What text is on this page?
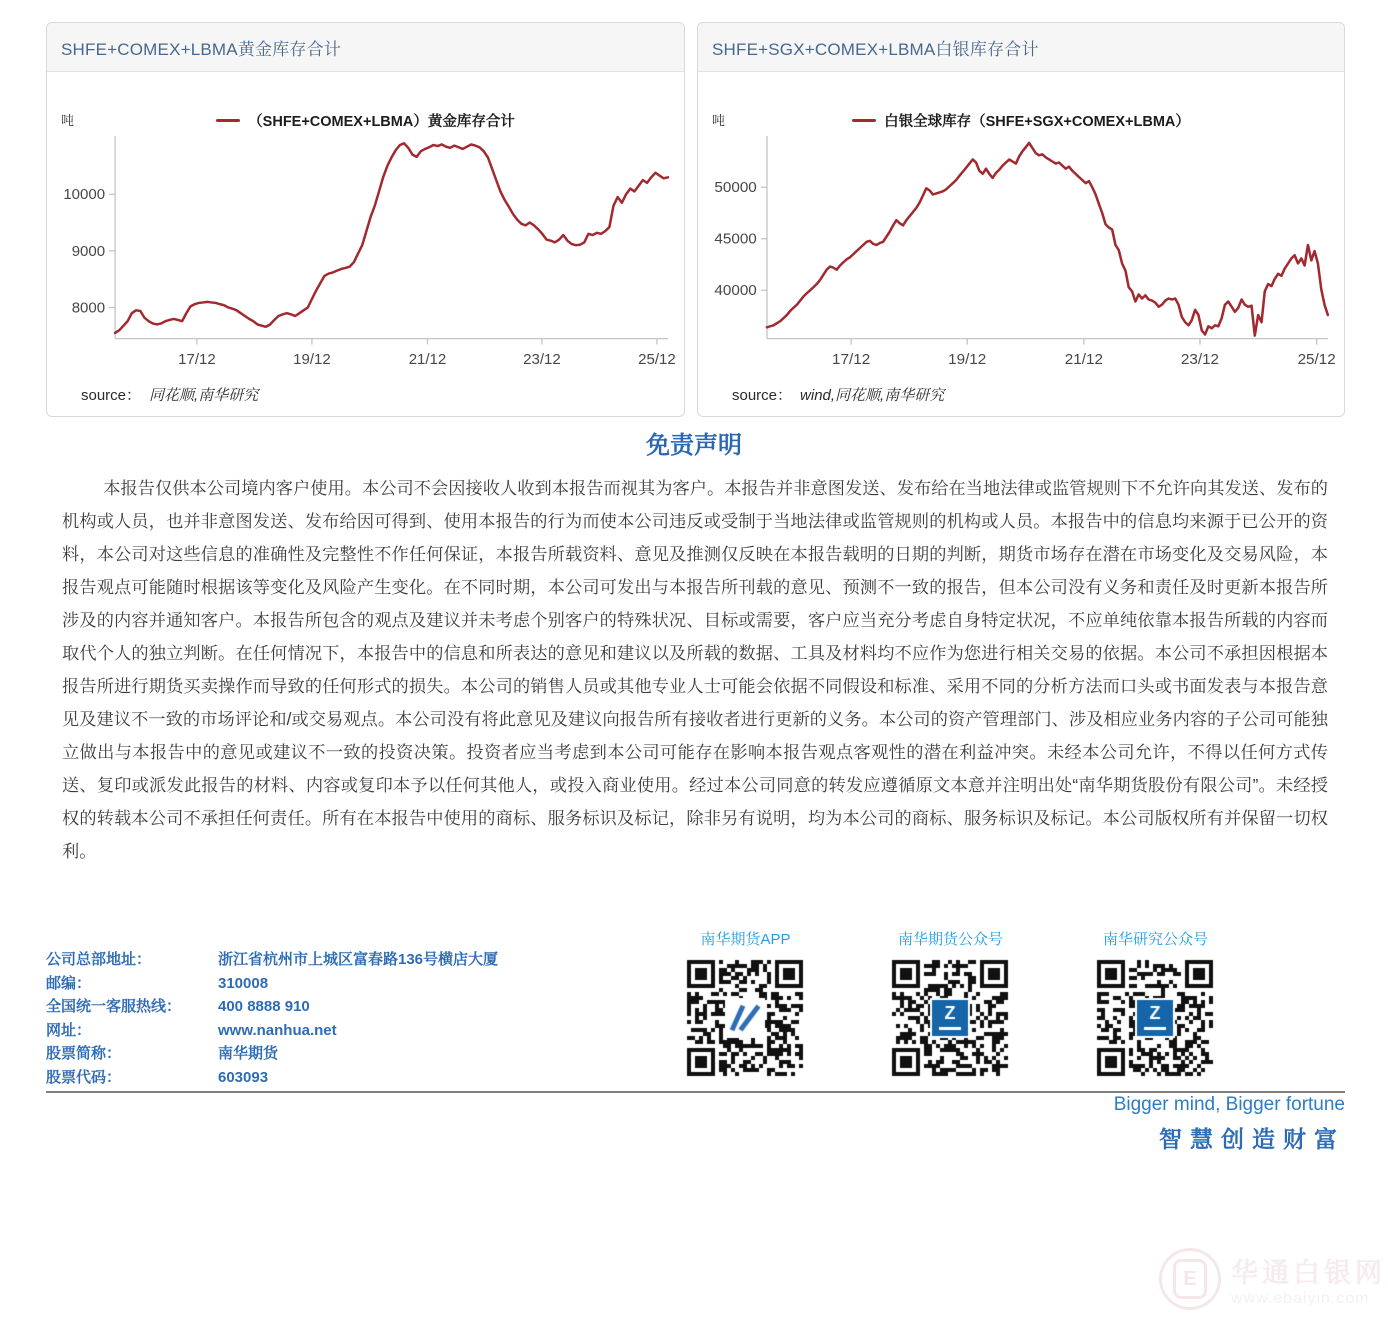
SHFE+COMEX+LBMA黄金库存合计
吨	（SHFE+COMEX+LBMA）黄金库存合计
8000
9000
10000
17/12	19/12	21/12	23/12	25/12
source： 同花顺,南华研究
SHFE+SGX+COMEX+LBMA白银库存合计
吨	白银全球库存（SHFE+SGX+COMEX+LBMA）
40000
45000
50000
17/12	19/12	21/12	23/12	25/12
source： wind,同花顺,南华研究
免责声明

本报告仅供本公司境内客户使用。本公司不会因接收人收到本报告而视其为客户。本报告并非意图发送、发布给在当地法律或监管规则下不允许向其发送、发布的机构或人员，也并非意图发送、发布给因可得到、使用本报告的行为而使本公司违反或受制于当地法律或监管规则的机构或人员。本报告中的信息均来源于已公开的资料，本公司对这些信息的准确性及完整性不作任何保证，本报告所载资料、意见及推测仅反映在本报告载明的日期的判断，期货市场存在潜在市场变化及交易风险，本报告观点可能随时根据该等变化及风险产生变化。在不同时期，本公司可发出与本报告所刊载的意见、预测不一致的报告，但本公司没有义务和责任及时更新本报告所涉及的内容并通知客户。本报告所包含的观点及建议并未考虑个别客户的特殊状况、目标或需要，客户应当充分考虑自身特定状况，不应单纯依靠本报告所载的内容而取代个人的独立判断。在任何情况下，本报告中的信息和所表达的意见和建议以及所载的数据、工具及材料均不应作为您进行相关交易的依据。本公司不承担因根据本报告所进行期货买卖操作而导致的任何形式的损失。本公司的销售人员或其他专业人士可能会依据不同假设和标准、采用不同的分析方法而口头或书面发表与本报告意见及建议不一致的市场评论和/或交易观点。本公司没有将此意见及建议向报告所有接收者进行更新的义务。本公司的资产管理部门、涉及相应业务内容的子公司可能独立做出与本报告中的意见或建议不一致的投资决策。投资者应当考虑到本公司可能存在影响本报告观点客观性的潜在利益冲突。未经本公司允许，不得以任何方式传送、复印或派发此报告的材料、内容或复印本予以任何其他人，或投入商业使用。经过本公司同意的转发应遵循原文本意并注明出处“南华期货股份有限公司”。未经授权的转载本公司不承担任何责任。所有在本报告中使用的商标、服务标识及标记，除非另有说明，均为本公司的商标、服务标识及标记。本公司版权所有并保留一切权利。

公司总部地址：	浙江省杭州市上城区富春路136号横店大厦
邮编：	310008
全国统一客服热线：	400 8888 910
网址：	www.nanhua.net
股票简称：	南华期货
股票代码：	603093
南华期货APP	南华期货公众号	南华研究公众号
Bigger mind, Bigger fortune
智慧创造财富
E	华通白银网
www.ebaiyin.com
